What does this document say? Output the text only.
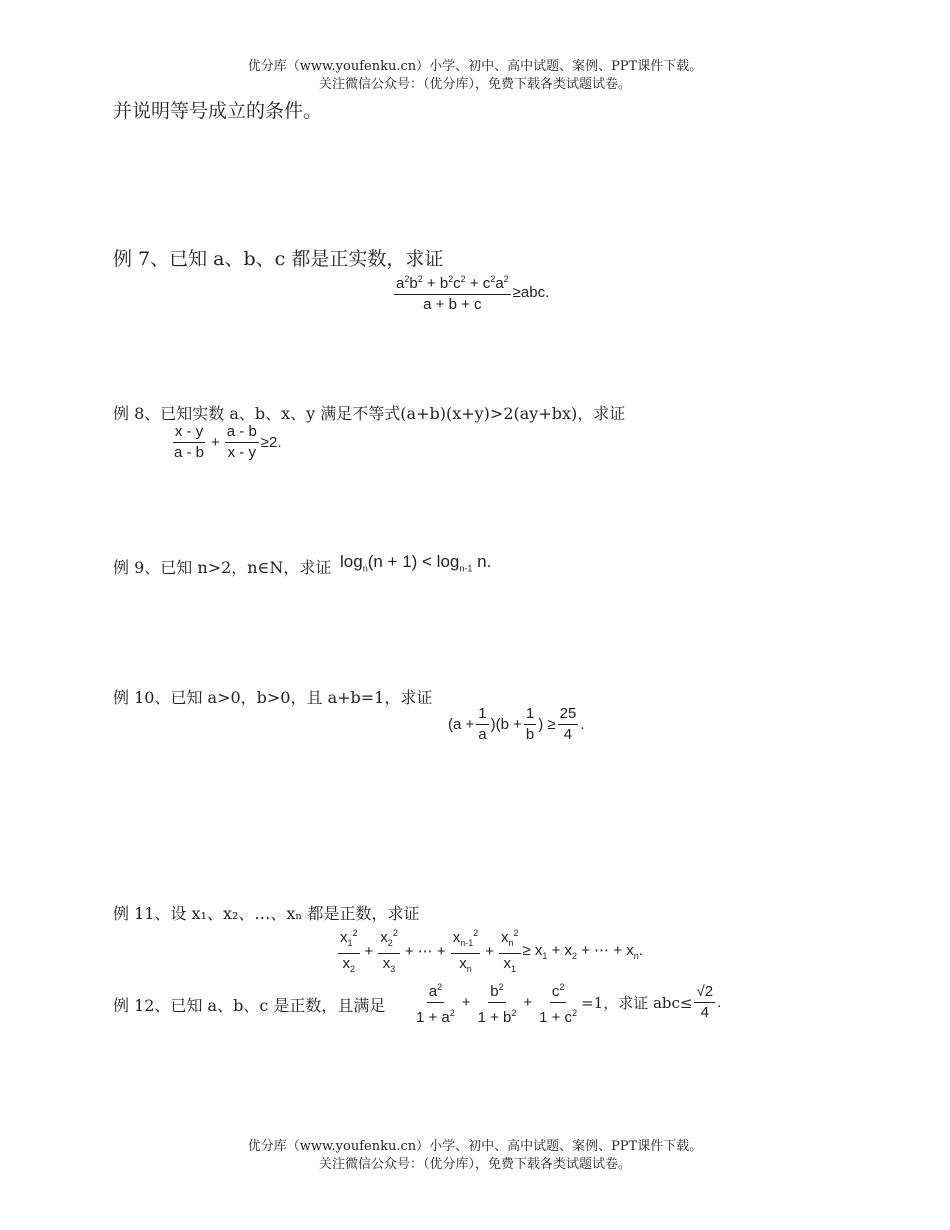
优分库（www.youfenku.cn）小学、初中、高中试题、案例、PPT课件下载。
关注微信公众号：（优分库），免费下载各类试题试卷。
并说明等号成立的条件。
例 7、已知 a、b、c 都是正实数，求证
$\frac{a^2b^2 + b^2c^2 + c^2a^2}{a + b + c} \ge abc$.
例 8、已知实数 a、b、x、y 满足不等式(a+b)(x+y)>2(ay+bx)，求证
$\frac{x - y}{a - b} + \frac{a - b}{x - y} \ge 2$.
例 9、已知 n>2，n∈N，求证 $\log_n(n + 1) < \log_{n-1} n$.
例 10、已知 a>0，b>0，且 a+b=1，求证
$(a + \frac{1}{a} )(b + \frac{1}{b}$ ) ≥ $\frac{25}{4}$ .
例 11、设 x₁、x₂、…、xₙ 都是正数，求证
$\frac{x_1^2}{x_2} + \frac{x_2^2}{x_3}$ + ⋯ + $\frac{x_{n-1}^2}{x_n} + \frac{x_n^2}{x_1} \ge x_1 + x_2$ + ⋯ + $x_n$.
例 12、已知 a、b、c 是正数，且满足 $\frac{a^2}{1 + a^2} + \frac{b^2}{1 + b^2} + \frac{c^2}{1 + c^2} =1$，求证 $abc\le \frac{√2}{4}$ .
优分库（www.youfenku.cn）小学、初中、高中试题、案例、PPT课件下载。
关注微信公众号：（优分库），免费下载各类试题试卷。
